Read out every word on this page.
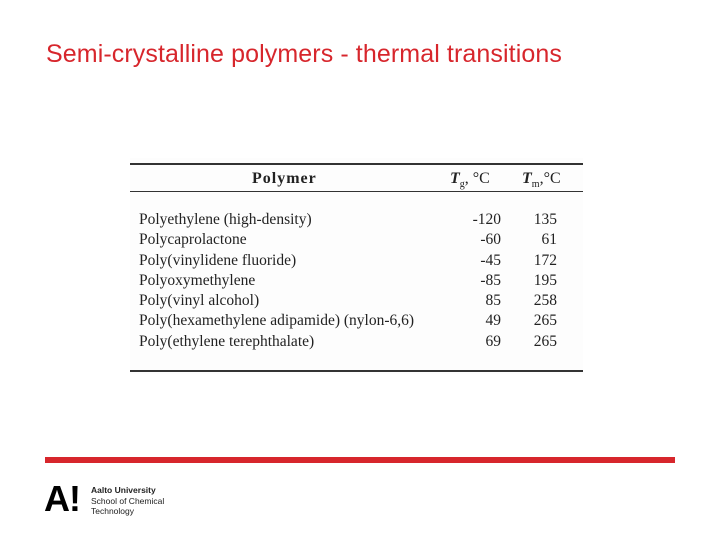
Semi-crystalline polymers - thermal transitions
Polymer	$T_g$, °C $T_m,^\circ C$
Polyethylene (high-density)	-120 135
Polycaprolactone	-60	61
Poly(vinylidene fluoride)	-45 172
Polyoxymethylene	-85 195
Poly(vinyl alcohol)	85 258
Poly(hexamethylene adipamide) (nylon-6,6)	49 265
Poly(ethylene terephthalate)	69 265
A! Aalto University
School of Chemical
Technology
